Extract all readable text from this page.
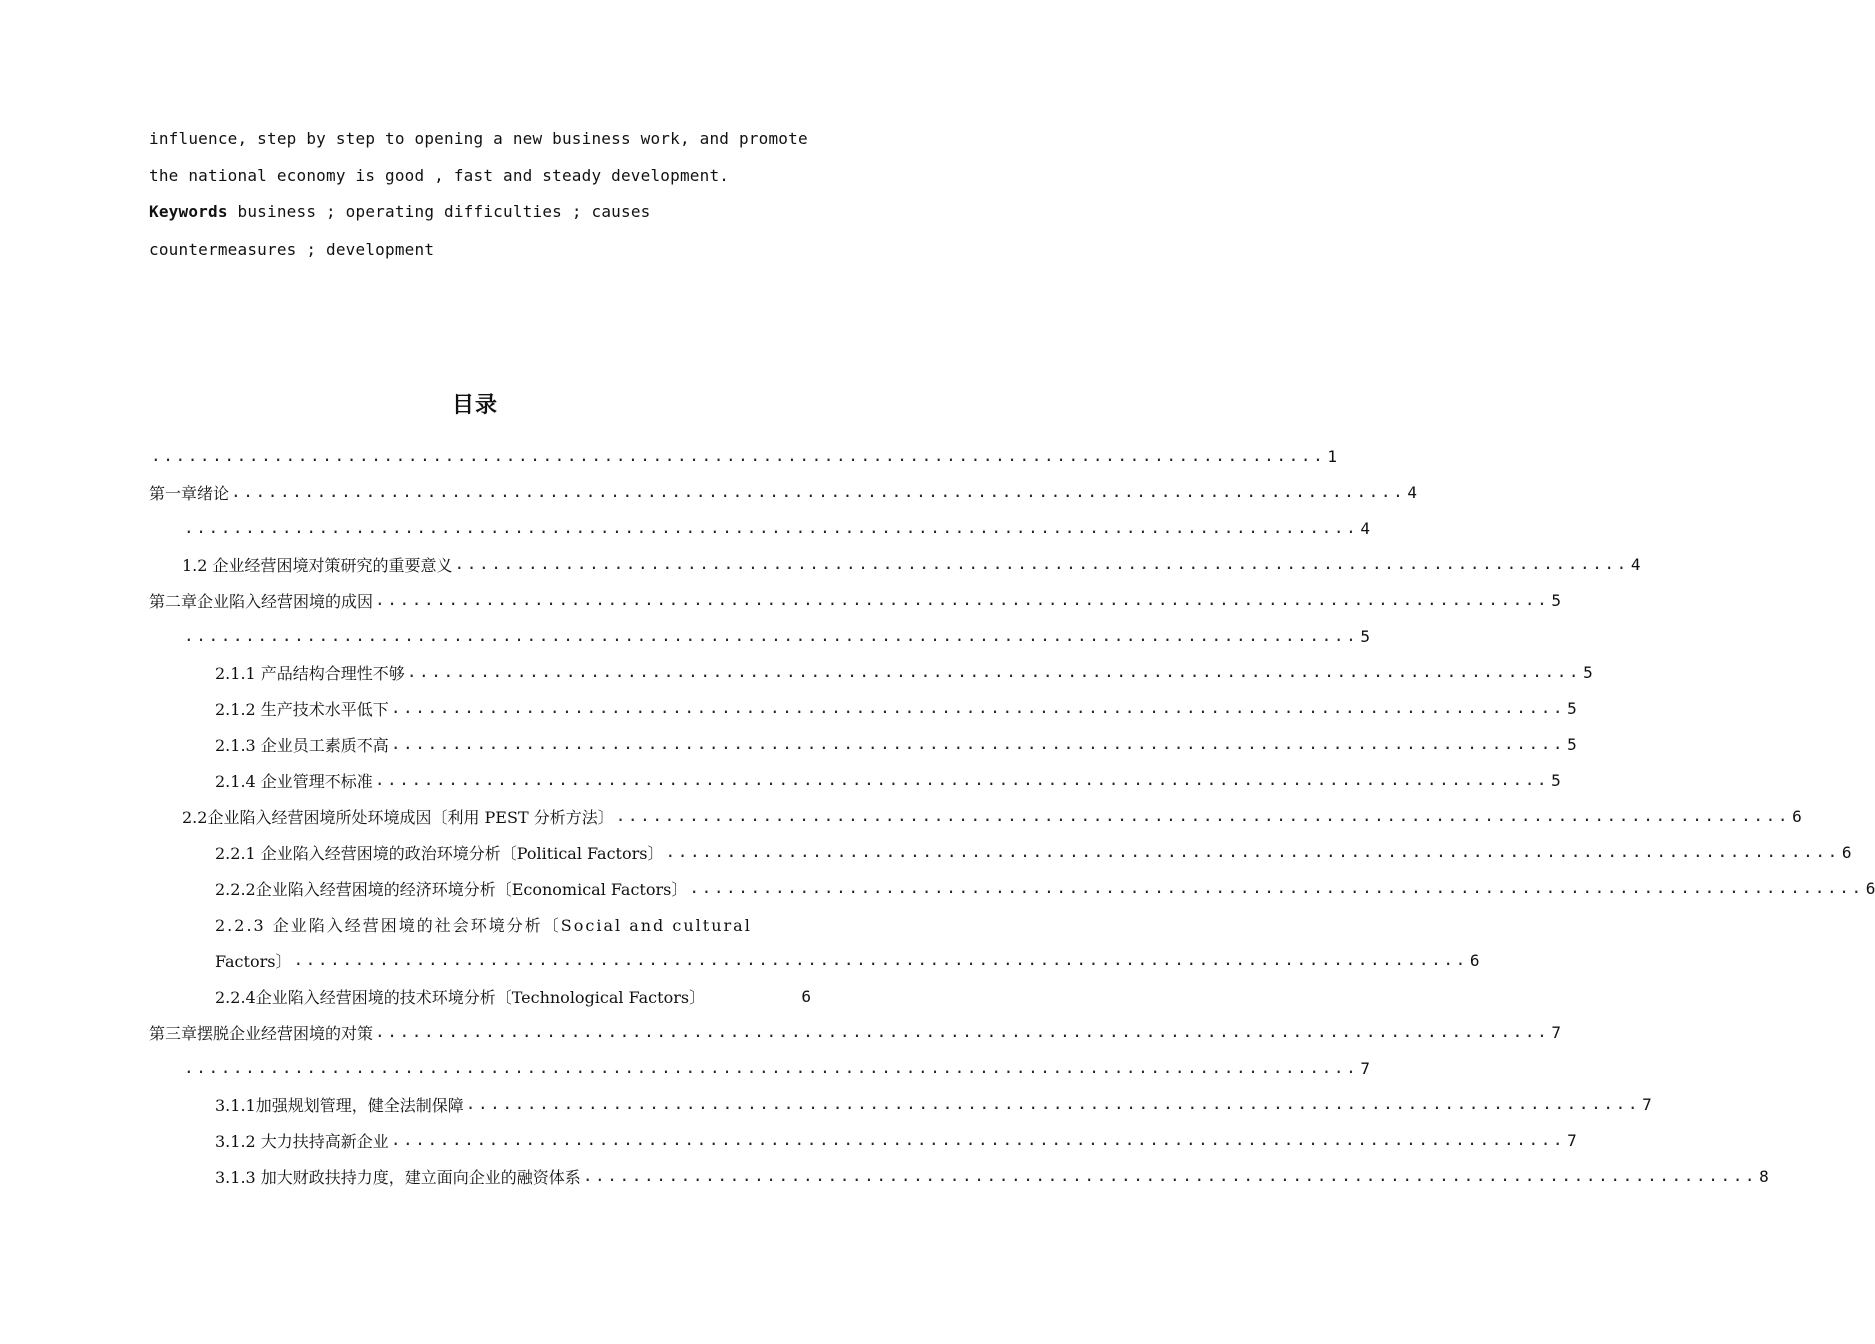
influence, step by step to opening a new business work, and promote
the national economy is good , fast and steady development.
Keywords business ; operating difficulties ; causes
countermeasures ; development
目录
................................................................................................ 1
第一章 绪论 ................................................................................................ 4
................................................................................................ 4
1.2 企业经营困境对策研究的重要意义 ................................................................................................ 4
第二章 企业陷入经营困境的成因 ................................................................................................ 5
................................................................................................ 5
2.1.1 产品结构合理性不够 ................................................................................................ 5
2.1.2 生产技术水平低下 ................................................................................................ 5
2.1.3 企业员工素质不高 ................................................................................................ 5
2.1.4 企业管理不标准 ................................................................................................ 5
2.2企业陷入经营困境所处环境成因〔利用 PEST 分析方法〕 ................................................................................................ 6
2.2.1 企业陷入经营困境的政治环境分析〔Political Factors〕 ................................................................................................ 6
2.2.2企业陷入经营困境的经济环境分析〔Economical Factors〕 ................................................................................................ 6
2.2.3 企业陷入经营困境的社会环境分析〔Social and cultural
Factors〕 ................................................................................................ 6
2.2.4企业陷入经营困境的技术环境分析〔Technological Factors〕	6
第三章 摆脱企业经营困境的对策 ................................................................................................ 7
................................................................................................ 7
3.1.1加强规划管理，健全法制保障 ................................................................................................ 7
3.1.2 大力扶持高新企业 ................................................................................................ 7
3.1.3 加大财政扶持力度，建立面向企业的融资体系 ................................................................................................ 8
